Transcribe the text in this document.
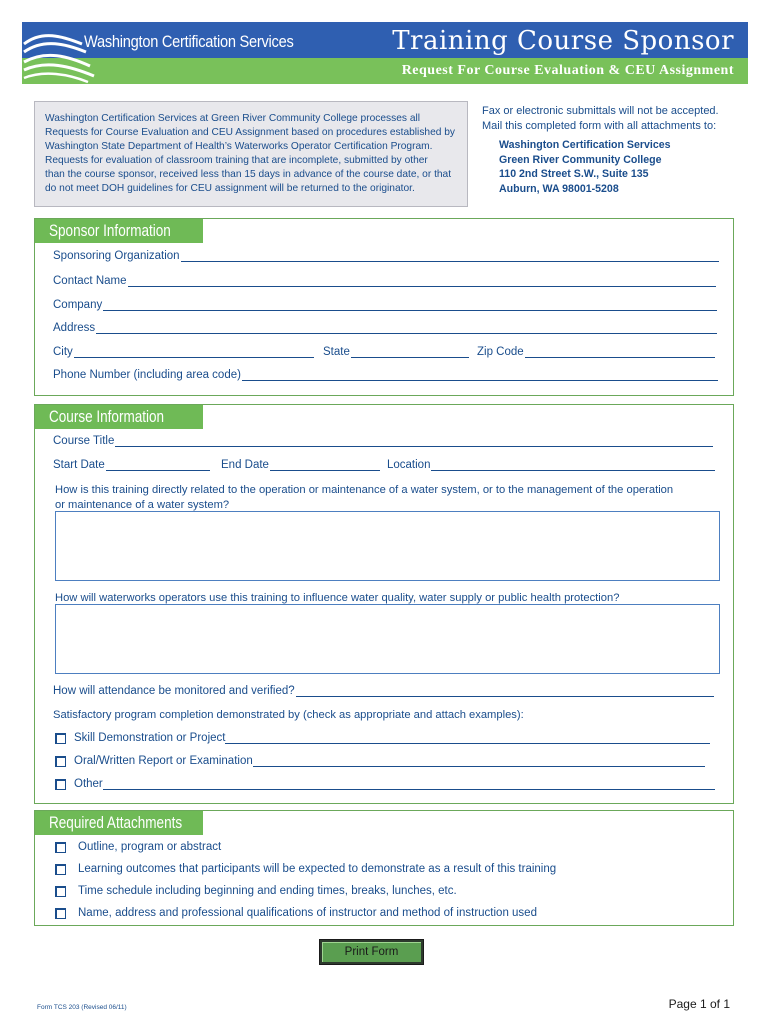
Washington Certification Services	Training Course Sponsor
Request For Course Evaluation & CEU Assignment
Washington Certification Services at Green River Community College processes all
Requests for Course Evaluation and CEU Assignment based on procedures established by
Washington State Department of Health’s Waterworks Operator Certification Program.
Requests for evaluation of classroom training that are incomplete, submitted by other
than the course sponsor, received less than 15 days in advance of the course date, or that
do not meet DOH guidelines for CEU assignment will be returned to the originator.
Fax or electronic submittals will not be accepted.
Mail this completed form with all attachments to:
Washington Certification Services
Green River Community College
110 2nd Street S.W., Suite 135
Auburn, WA 98001-5208
Sponsor Information
Sponsoring Organization
Contact Name
Company
Address
City	State	Zip Code
Phone Number (including area code)
Course Information
Course Title
Start Date	End Date	Location
How is this training directly related to the operation or maintenance of a water system, or to the management of the operation
or maintenance of a water system?
How will waterworks operators use this training to influence water quality, water supply or public health protection?
How will attendance be monitored and verified?
Satisfactory program completion demonstrated by (check as appropriate and attach examples):
Skill Demonstration or Project
Oral/Written Report or Examination
Other
Required Attachments
Outline, program or abstract
Learning outcomes that participants will be expected to demonstrate as a result of this training
Time schedule including beginning and ending times, breaks, lunches, etc.
Name, address and professional qualifications of instructor and method of instruction used
Print Form
Form TCS 203 (Revised 06/11)	Page 1 of 1
